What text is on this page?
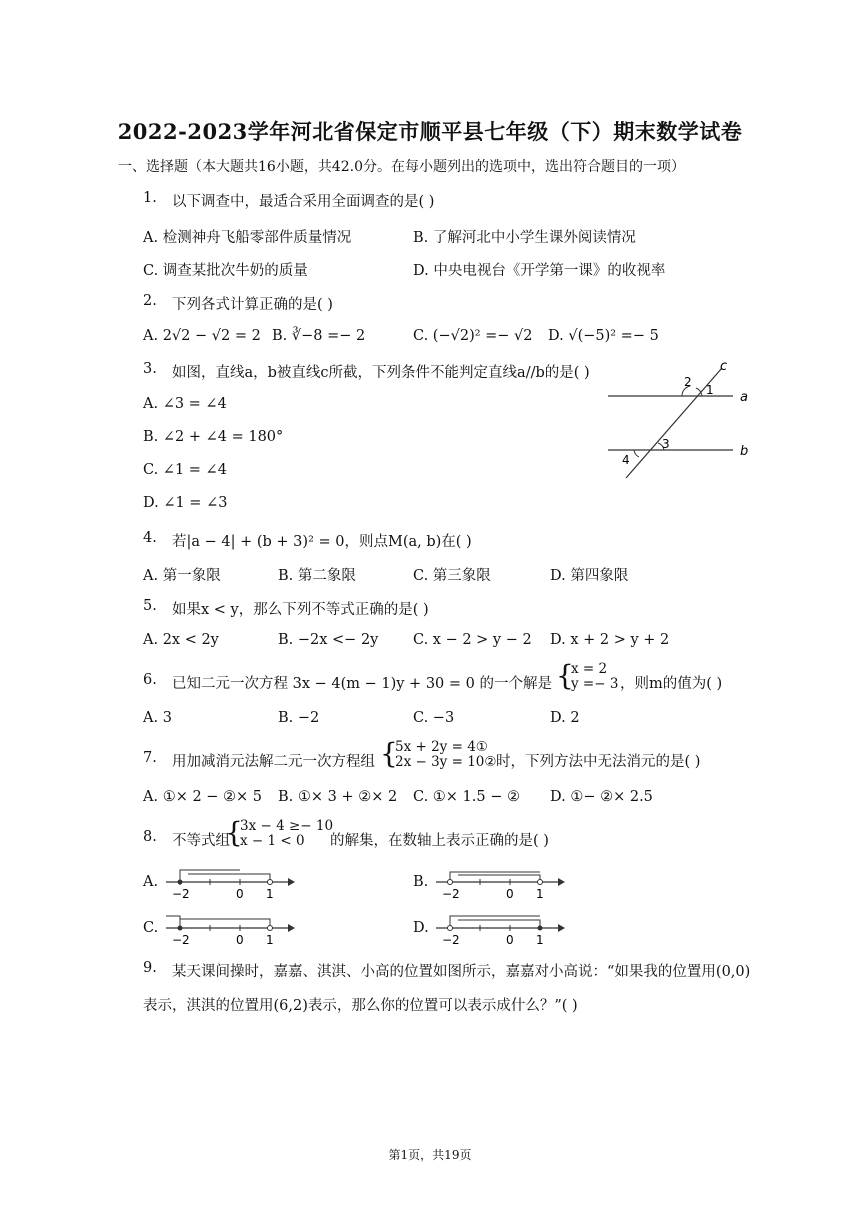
2022-2023学年河北省保定市顺平县七年级（下）期末数学试卷
一、选择题（本大题共16小题，共42.0分。在每小题列出的选项中，选出符合题目的一项）
1. 以下调查中，最适合采用全面调查的是( )
A. 检测神舟飞船零部件质量情况	B. 了解河北中小学生课外阅读情况
C. 调查某批次牛奶的质量	D. 中央电视台《开学第一课》的收视率
2. 下列各式计算正确的是( )
A. 2√2 − √2 = 2 B. ∛−8 =− 2	C. (−√2)² =− √2 D. √(−5)² =− 5
3. 如图，直线a，b被直线c所截，下列条件不能判定直线a//b的是( )
A. ∠3 = ∠4
B. ∠2 + ∠4 = 180°
C. ∠1 = ∠4
D. ∠1 = ∠3
c
a
b
1
2
3
4
4. 若|a − 4| + (b + 3)² = 0，则点M(a, b)在( )
A. 第一象限	B. 第二象限	C. 第三象限	D. 第四象限
5. 如果x < y，那么下列不等式正确的是( )
A. 2x < 2y	B. −2x <− 2y C. x − 2 > y − 2 D. x + 2 > y + 2
6. 已知二元一次方程 3x − 4(m − 1)y + 30 = 0 的一个解是 {
x = 2
y =− 3 ，则m的值为( )
A. 3	B. −2	C. −3	D. 2
7. 用加减消元法解二元一次方程组 {
5x + 2y = 4①
2x − 3y = 10② 时，下列方法中无法消元的是( )
A. ①× 2 − ②× 5 B. ①× 3 + ②× 2 C. ①× 1.5 − ② D. ①− ②× 2.5
8. 不等式组
{
3x − 4 ≥− 10
x − 1 < 0	的解集，在数轴上表示正确的是( )
A.	B.
C.	D.
−2	0 1	−2	0 1
−2	0 1	−2	0 1
9. 某天课间操时，嘉嘉、淇淇、小高的位置如图所示，嘉嘉对小高说：“如果我的位置用(0,0)
表示，淇淇的位置用(6,2)表示，那么你的位置可以表示成什么？”( )
第1页，共19页
